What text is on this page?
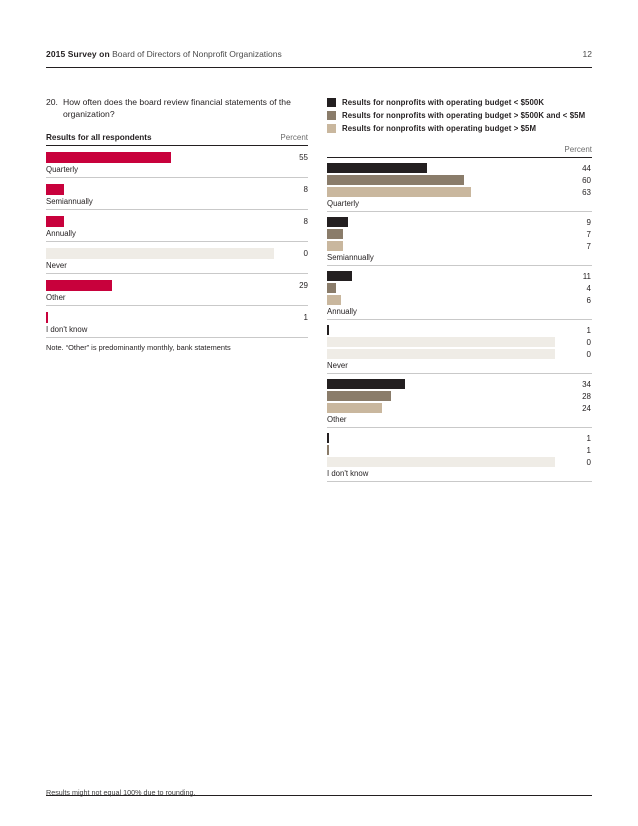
2015 Survey on Board of Directors of Nonprofit Organizations	12
20. How often does the board review financial statements of the organization?
Results for all respondents	Percent
55
Quarterly
8
Semiannually
8
Annually
0
Never
29
Other
1
I don't know
Note. “Other” is predominantly monthly, bank statements
Results for nonprofits with operating budget < $500K
Results for nonprofits with operating budget > $500K and < $5M
Results for nonprofits with operating budget > $5M
Percent
44
60
63
Quarterly
9
7
7
Semiannually
11
4
6
Annually
1
0
0
Never
34
28
24
Other
1
1
0
I don't know
Results might not equal 100% due to rounding.
